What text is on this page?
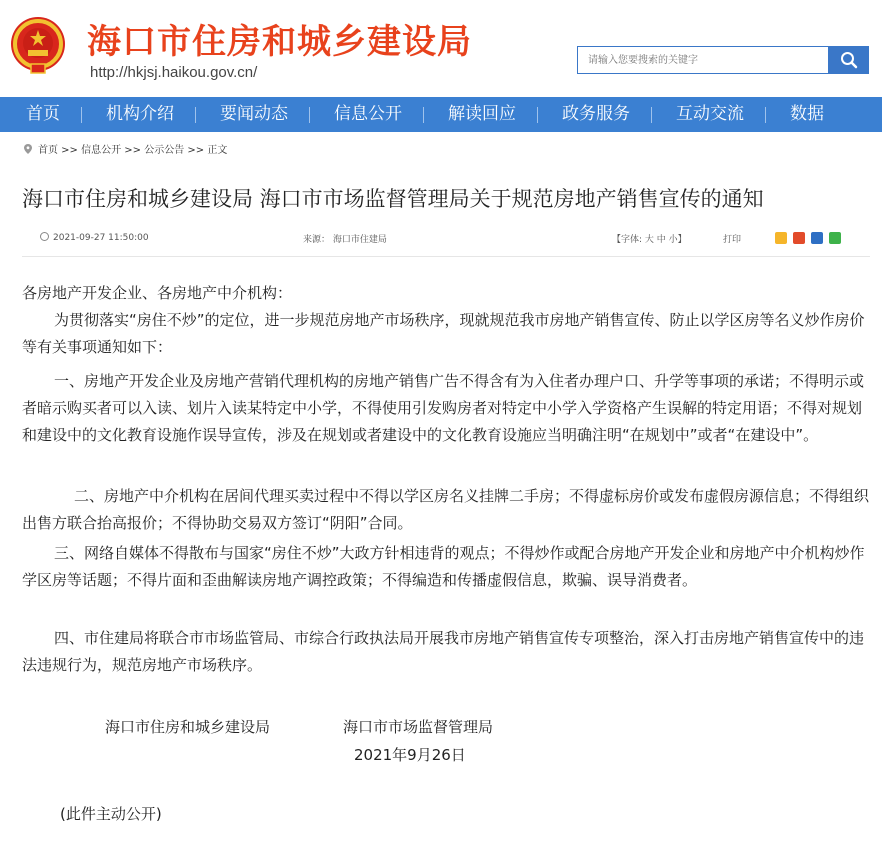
海口市住房和城乡建设局
http://hkjsj.haikou.gov.cn/
请输入您要搜索的关键字
首页	机构介绍	要闻动态	信息公开	解读回应	政务服务	互动交流	数据
首页 >> 信息公开 >> 公示公告 >> 正文
海口市住房和城乡建设局 海口市市场监督管理局关于规范房地产销售宣传的通知
2021-09-27 11:50:00	来源： 海口市住建局	【字体: 大 中 小】	打印
各房地产开发企业、各房地产中介机构：
为贯彻落实“房住不炒”的定位，进一步规范房地产市场秩序，现就规范我市房地产销售宣传、防止以学区房等名义炒作房价等有关事项通知如下：
一、房地产开发企业及房地产营销代理机构的房地产销售广告不得含有为入住者办理户口、升学等事项的承诺；不得明示或者暗示购买者可以入读、划片入读某特定中小学，不得使用引发购房者对特定中小学入学资格产生误解的特定用语；不得对规划和建设中的文化教育设施作误导宣传，涉及在规划或者建设中的文化教育设施应当明确注明“在规划中”或者“在建设中”。
二、房地产中介机构在居间代理买卖过程中不得以学区房名义挂牌二手房；不得虚标房价或发布虚假房源信息；不得组织出售方联合抬高报价；不得协助交易双方签订“阴阳”合同。
三、网络自媒体不得散布与国家“房住不炒”大政方针相违背的观点；不得炒作或配合房地产开发企业和房地产中介机构炒作学区房等话题；不得片面和歪曲解读房地产调控政策；不得编造和传播虚假信息，欺骗、误导消费者。
四、市住建局将联合市市场监管局、市综合行政执法局开展我市房地产销售宣传专项整治，深入打击房地产销售宣传中的违法违规行为，规范房地产市场秩序。
海口市住房和城乡建设局	海口市市场监督管理局
2021年9月26日
(此件主动公开)
